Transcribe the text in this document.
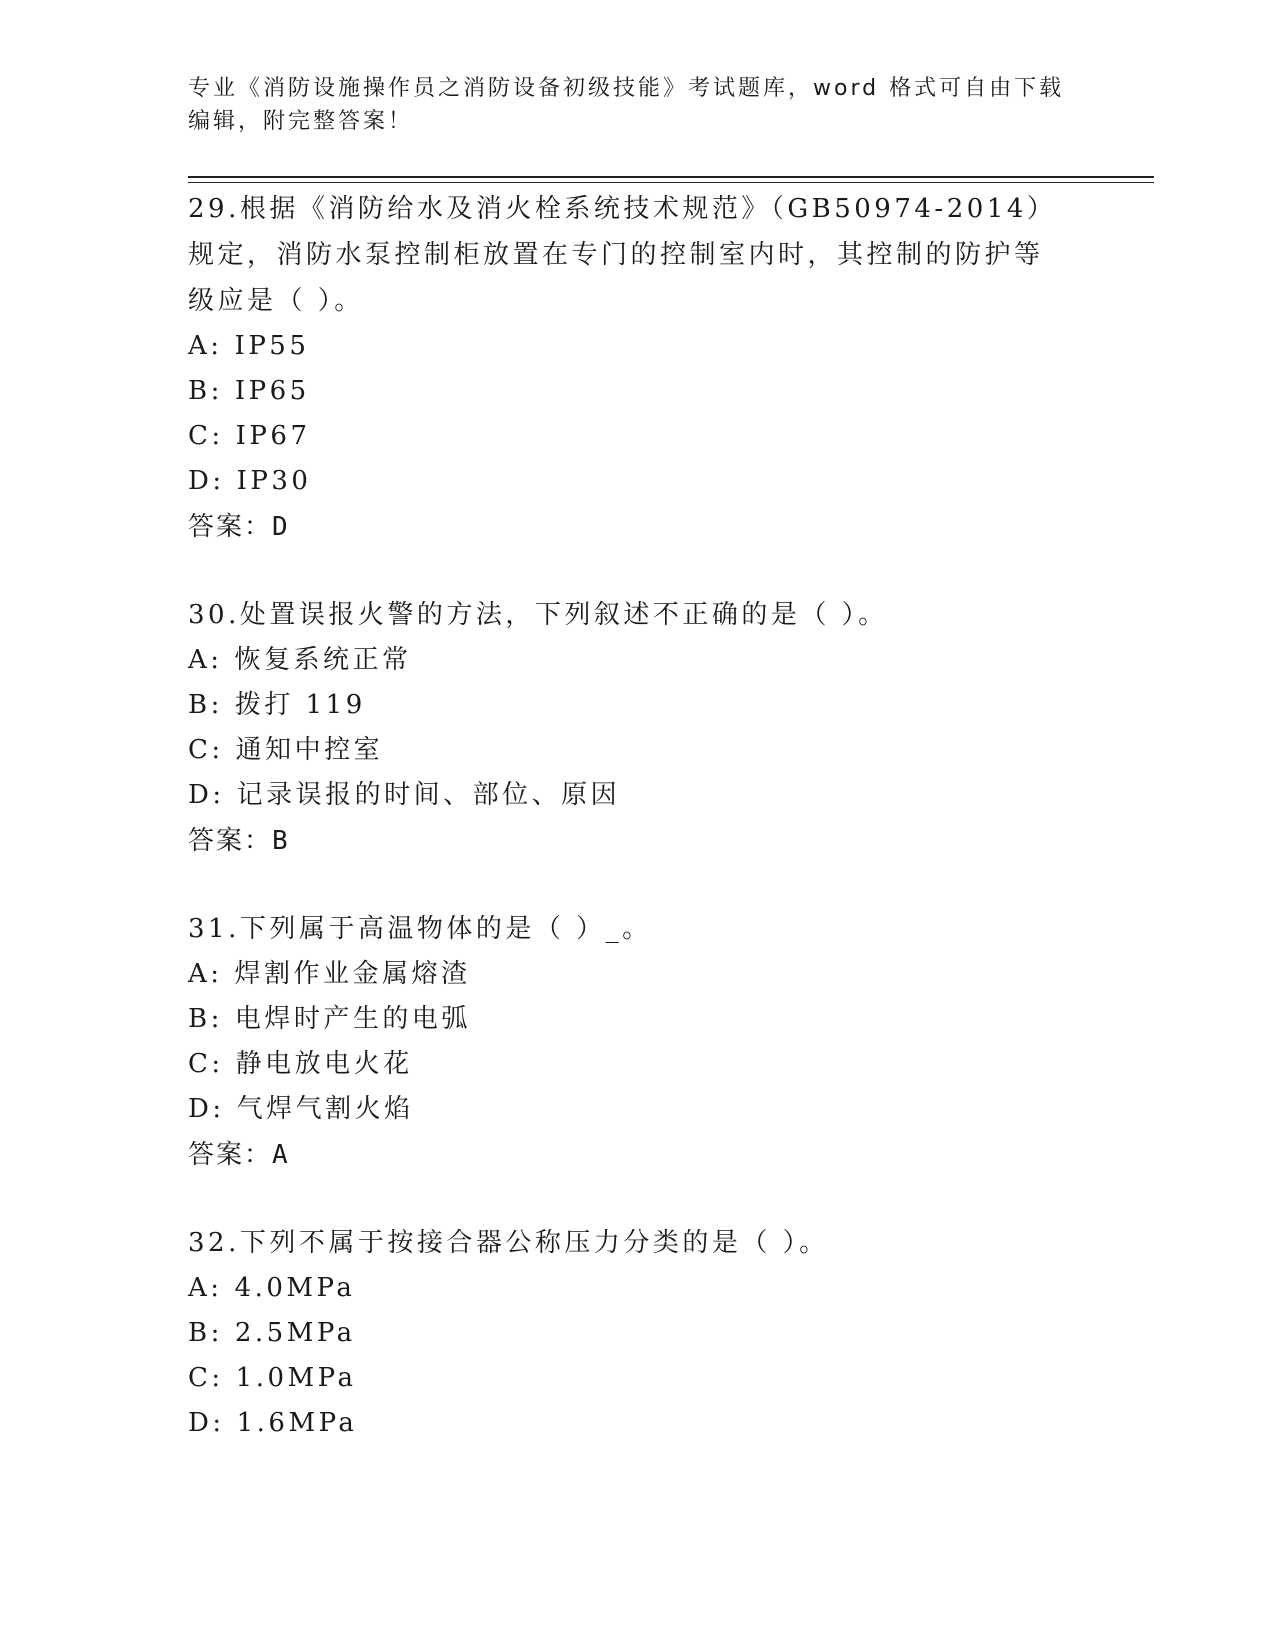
专业《消防设施操作员之消防设备初级技能》考试题库，word 格式可自由下载编辑，附完整答案！

29.根据《消防给水及消火栓系统技术规范》（GB50974-2014）规定，消防水泵控制柜放置在专门的控制室内时，其控制的防护等级应是（ ）。

A: IP55

B: IP65

C: IP67

D: IP30

答案：D

30.处置误报火警的方法，下列叙述不正确的是（ ）。

A: 恢复系统正常

B: 拨打 119

C: 通知中控室

D: 记录误报的时间、部位、原因

答案：B

31.下列属于高温物体的是（ ）_。

A: 焊割作业金属熔渣

B: 电焊时产生的电弧

C: 静电放电火花

D: 气焊气割火焰

答案：A

32.下列不属于按接合器公称压力分类的是（ ）。

A: 4.0MPa

B: 2.5MPa

C: 1.0MPa

D: 1.6MPa
